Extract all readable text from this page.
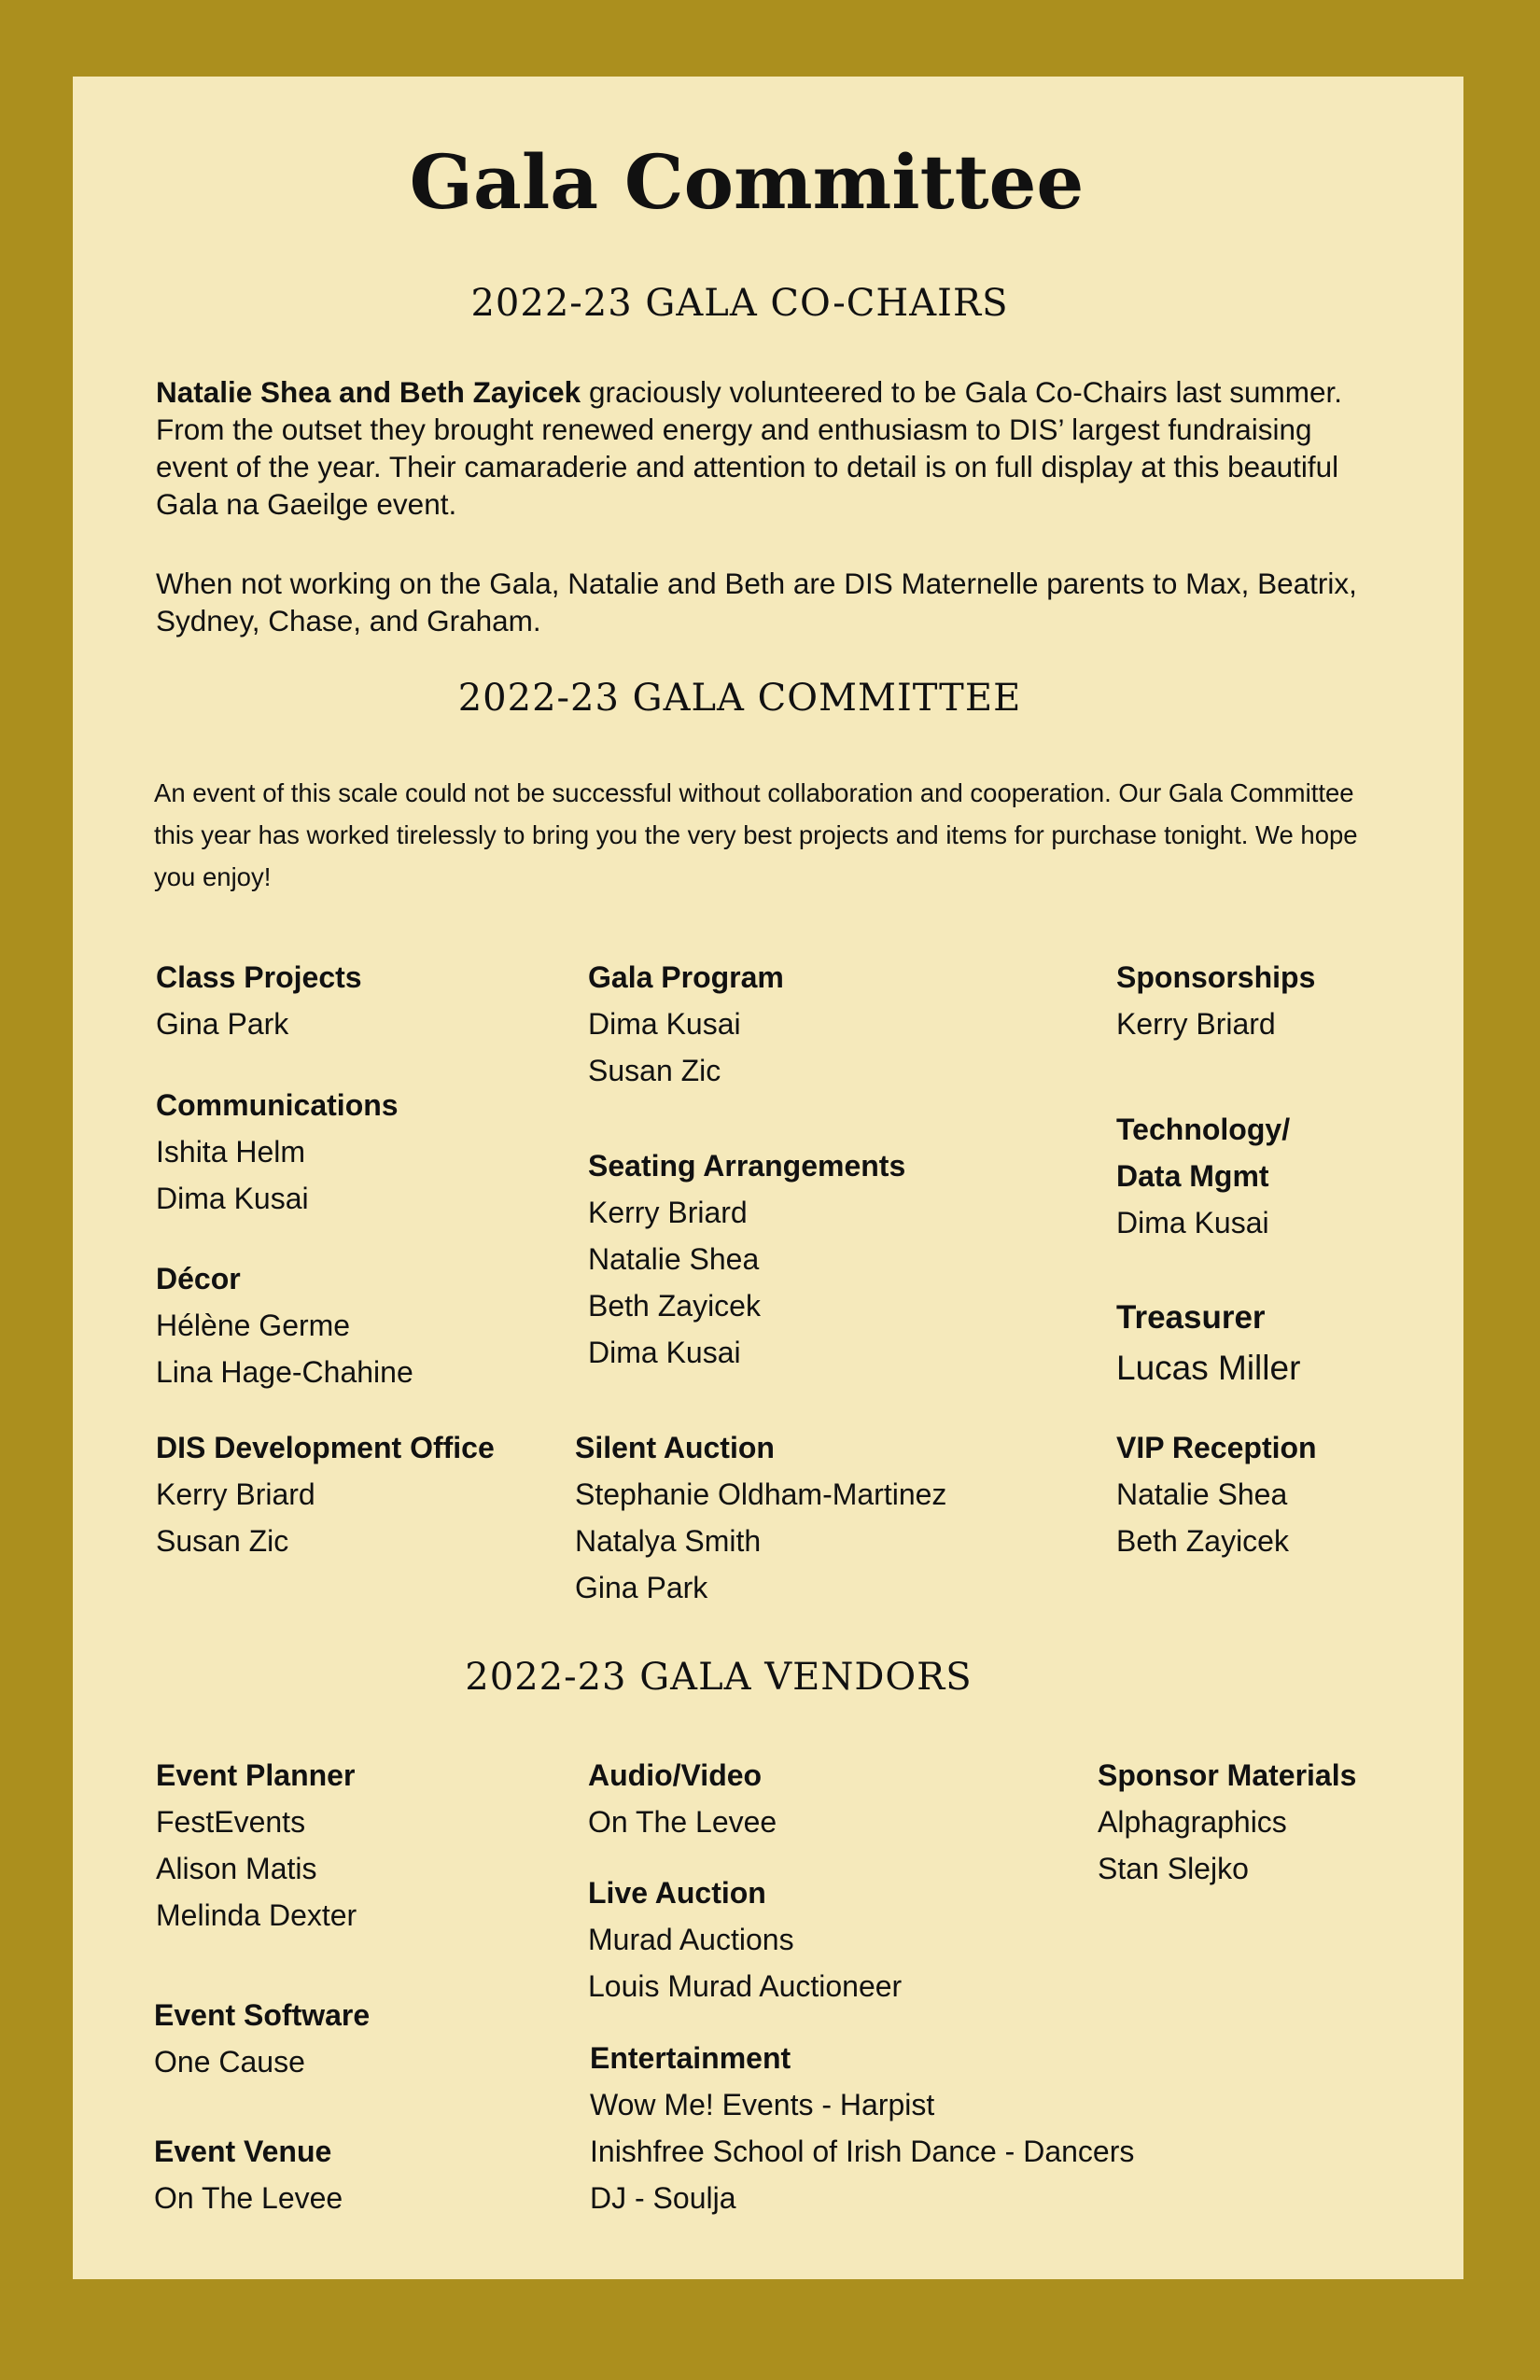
Gala Committee
2022-23 GALA CO-CHAIRS
Natalie Shea and Beth Zayicek graciously volunteered to be Gala Co-Chairs last summer. From the outset they brought renewed energy and enthusiasm to DIS’ largest fundraising event of the year. Their camaraderie and attention to detail is on full display at this beautiful Gala na Gaeilge event.
When not working on the Gala, Natalie and Beth are DIS Maternelle parents to Max, Beatrix, Sydney, Chase, and Graham.
2022-23 GALA COMMITTEE
An event of this scale could not be successful without collaboration and cooperation. Our Gala Committee this year has worked tirelessly to bring you the very best projects and items for purchase tonight. We hope you enjoy!
Class Projects
Gina Park
Communications
Ishita Helm
Dima Kusai
Décor
Hélène Germe
Lina Hage-Chahine
DIS Development Office
Kerry Briard
Susan Zic
Gala Program
Dima Kusai
Susan Zic
Seating Arrangements
Kerry Briard
Natalie Shea
Beth Zayicek
Dima Kusai
Silent Auction
Stephanie Oldham-Martinez
Natalya Smith
Gina Park
Sponsorships
Kerry Briard
Technology/ Data Mgmt
Dima Kusai
Treasurer
Lucas Miller
VIP Reception
Natalie Shea
Beth Zayicek
2022-23 GALA VENDORS
Event Planner
FestEvents
Alison Matis
Melinda Dexter
Event Software
One Cause
Event Venue
On The Levee
Audio/Video
On The Levee
Live Auction
Murad Auctions
Louis Murad Auctioneer
Entertainment
Wow Me! Events - Harpist
Inishfree School of Irish Dance - Dancers
DJ - Soulja
Sponsor Materials
Alphagraphics
Stan Slejko
